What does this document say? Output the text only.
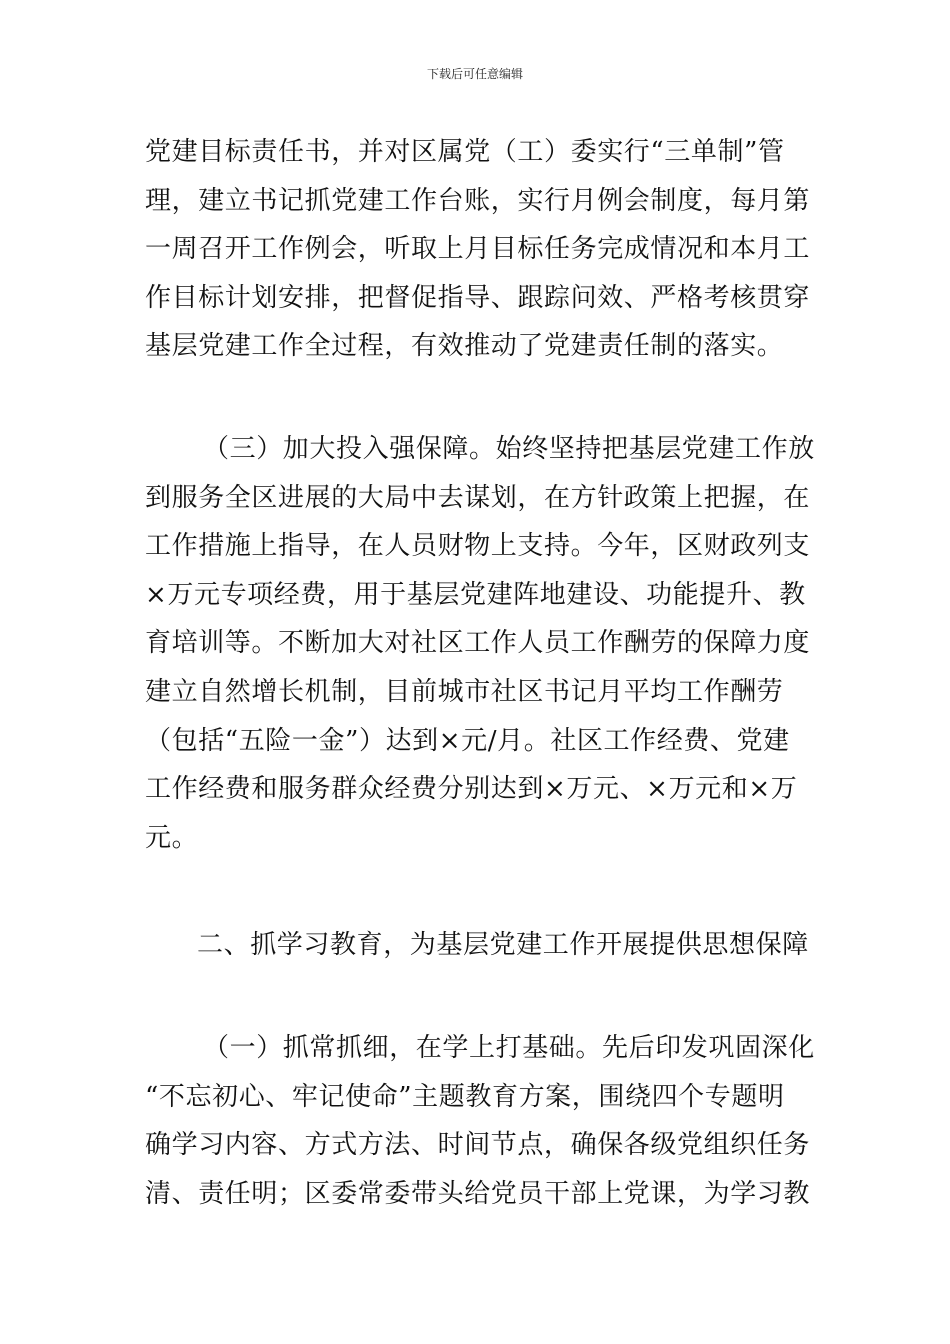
下载后可任意编辑
党建目标责任书，并对区属党（工）委实行“三单制”管
理，建立书记抓党建工作台账，实行月例会制度，每月第
一周召开工作例会，听取上月目标任务完成情况和本月工
作目标计划安排，把督促指导、跟踪问效、严格考核贯穿
基层党建工作全过程，有效推动了党建责任制的落实。
（三）加大投入强保障。始终坚持把基层党建工作放
到服务全区进展的大局中去谋划，在方针政策上把握，在
工作措施上指导，在人员财物上支持。今年，区财政列支
×万元专项经费，用于基层党建阵地建设、功能提升、教
育培训等。不断加大对社区工作人员工作酬劳的保障力度
建立自然增长机制，目前城市社区书记月平均工作酬劳
（包括“五险一金”）达到×元/月。社区工作经费、党建
工作经费和服务群众经费分别达到×万元、×万元和×万
元。
二、抓学习教育，为基层党建工作开展提供思想保障
（一）抓常抓细，在学上打基础。先后印发巩固深化
“不忘初心、牢记使命”主题教育方案，围绕四个专题明
确学习内容、方式方法、时间节点，确保各级党组织任务
清、责任明；区委常委带头给党员干部上党课，为学习教
